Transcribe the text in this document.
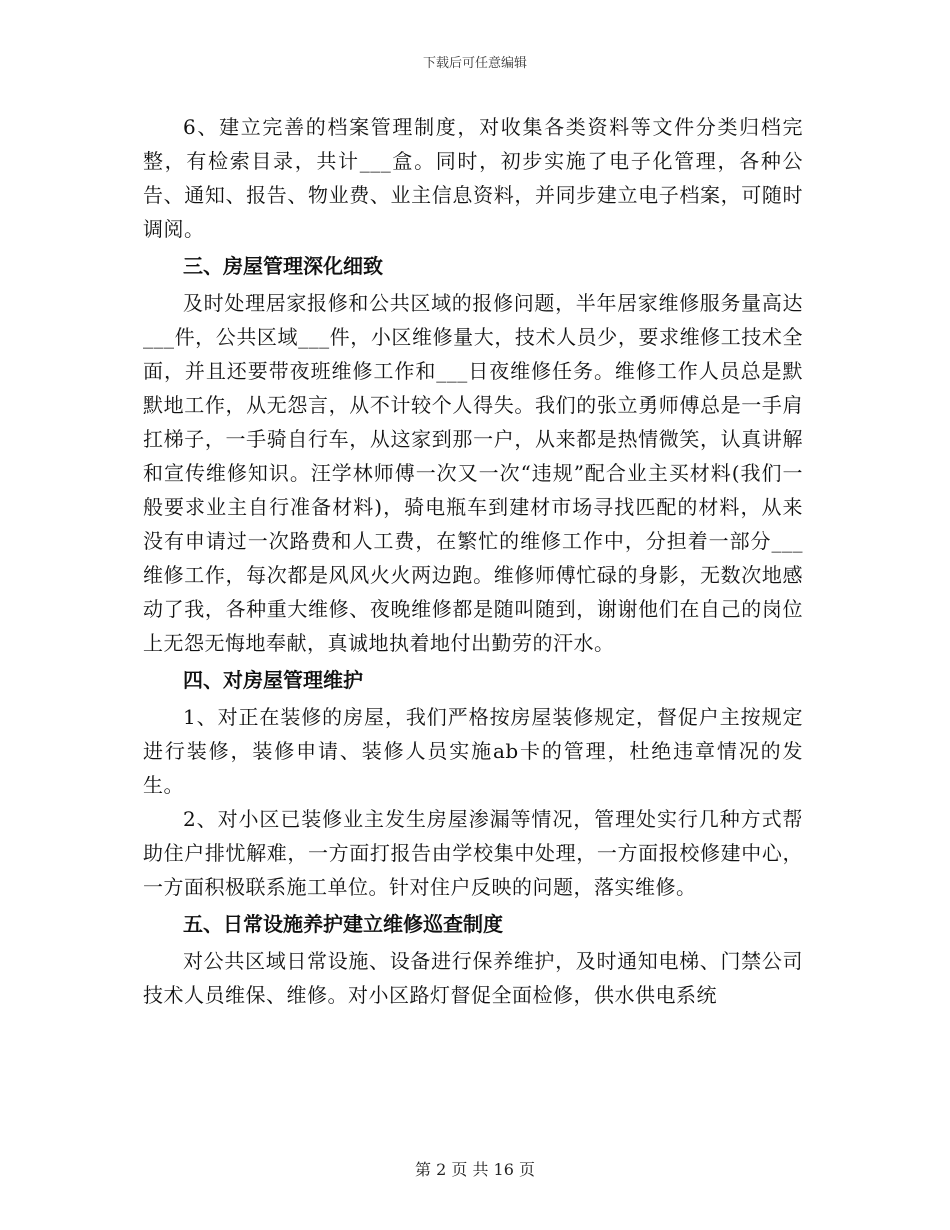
下载后可任意编辑

6、建立完善的档案管理制度，对收集各类资料等文件分类归档完整，有检索目录，共计___盒。同时，初步实施了电子化管理，各种公告、通知、报告、物业费、业主信息资料，并同步建立电子档案，可随时调阅。

三、房屋管理深化细致

及时处理居家报修和公共区域的报修问题，半年居家维修服务量高达___件，公共区域___件，小区维修量大，技术人员少，要求维修工技术全面，并且还要带夜班维修工作和___日夜维修任务。维修工作人员总是默默地工作，从无怨言，从不计较个人得失。我们的张立勇师傅总是一手肩扛梯子，一手骑自行车，从这家到那一户，从来都是热情微笑，认真讲解和宣传维修知识。汪学林师傅一次又一次“违规”配合业主买材料(我们一般要求业主自行准备材料)，骑电瓶车到建材市场寻找匹配的材料，从来没有申请过一次路费和人工费，在繁忙的维修工作中，分担着一部分___维修工作，每次都是风风火火两边跑。维修师傅忙碌的身影，无数次地感动了我，各种重大维修、夜晚维修都是随叫随到，谢谢他们在自己的岗位上无怨无悔地奉献，真诚地执着地付出勤劳的汗水。

四、对房屋管理维护

1、对正在装修的房屋，我们严格按房屋装修规定，督促户主按规定进行装修，装修申请、装修人员实施ab卡的管理，杜绝违章情况的发生。

2、对小区已装修业主发生房屋渗漏等情况，管理处实行几种方式帮助住户排忧解难，一方面打报告由学校集中处理，一方面报校修建中心，一方面积极联系施工单位。针对住户反映的问题，落实维修。

五、日常设施养护建立维修巡查制度

对公共区域日常设施、设备进行保养维护，及时通知电梯、门禁公司技术人员维保、维修。对小区路灯督促全面检修，供水供电系统

第 2 页 共 16 页
